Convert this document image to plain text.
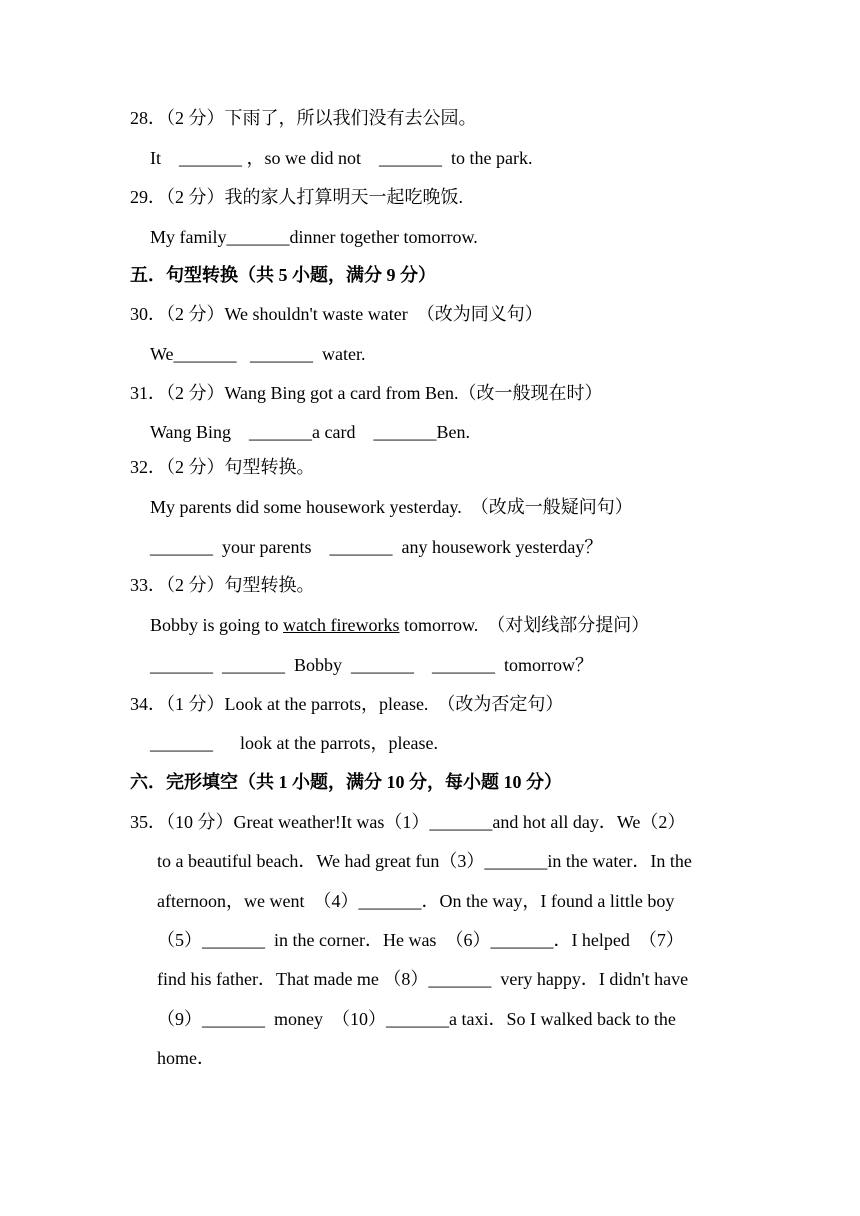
28．（2 分）下雨了，所以我们没有去公园。
It    _______ ，so we did not    _______  to the park.
29．（2 分）我的家人打算明天一起吃晚饭.
My family_______dinner together tomorrow.
五．句型转换（共 5 小题，满分 9 分）
30．（2 分）We shouldn't waste water  （改为同义句）
We_______   _______  water.
31．（2 分）Wang Bing got a card from Ben.（改一般现在时）
Wang Bing    _______a card    _______Ben.
32．（2 分）句型转换。
My parents did some housework yesterday.  （改成一般疑问句）
_______  your parents    _______  any housework yesterday？
33．（2 分）句型转换。
Bobby is going to watch fireworks tomorrow.  （对划线部分提问）
_______  _______  Bobby  _______    _______  tomorrow？
34．（1 分）Look at the parrots，please.  （改为否定句）
_______      look at the parrots，please.
六．完形填空（共 1 小题，满分 10 分，每小题 10 分）
35．（10 分）Great weather!It was（1）_______and hot all day．We（2）
to a beautiful beach．We had great fun（3）_______in the water．In the
afternoon，we went  （4）_______．On the way，I found a little boy
（5）_______  in the corner．He was  （6）_______．I helped  （7）
find his father．That made me （8）_______  very happy．I didn't have
（9）_______  money  （10）_______a taxi．So I walked back to the
home．
